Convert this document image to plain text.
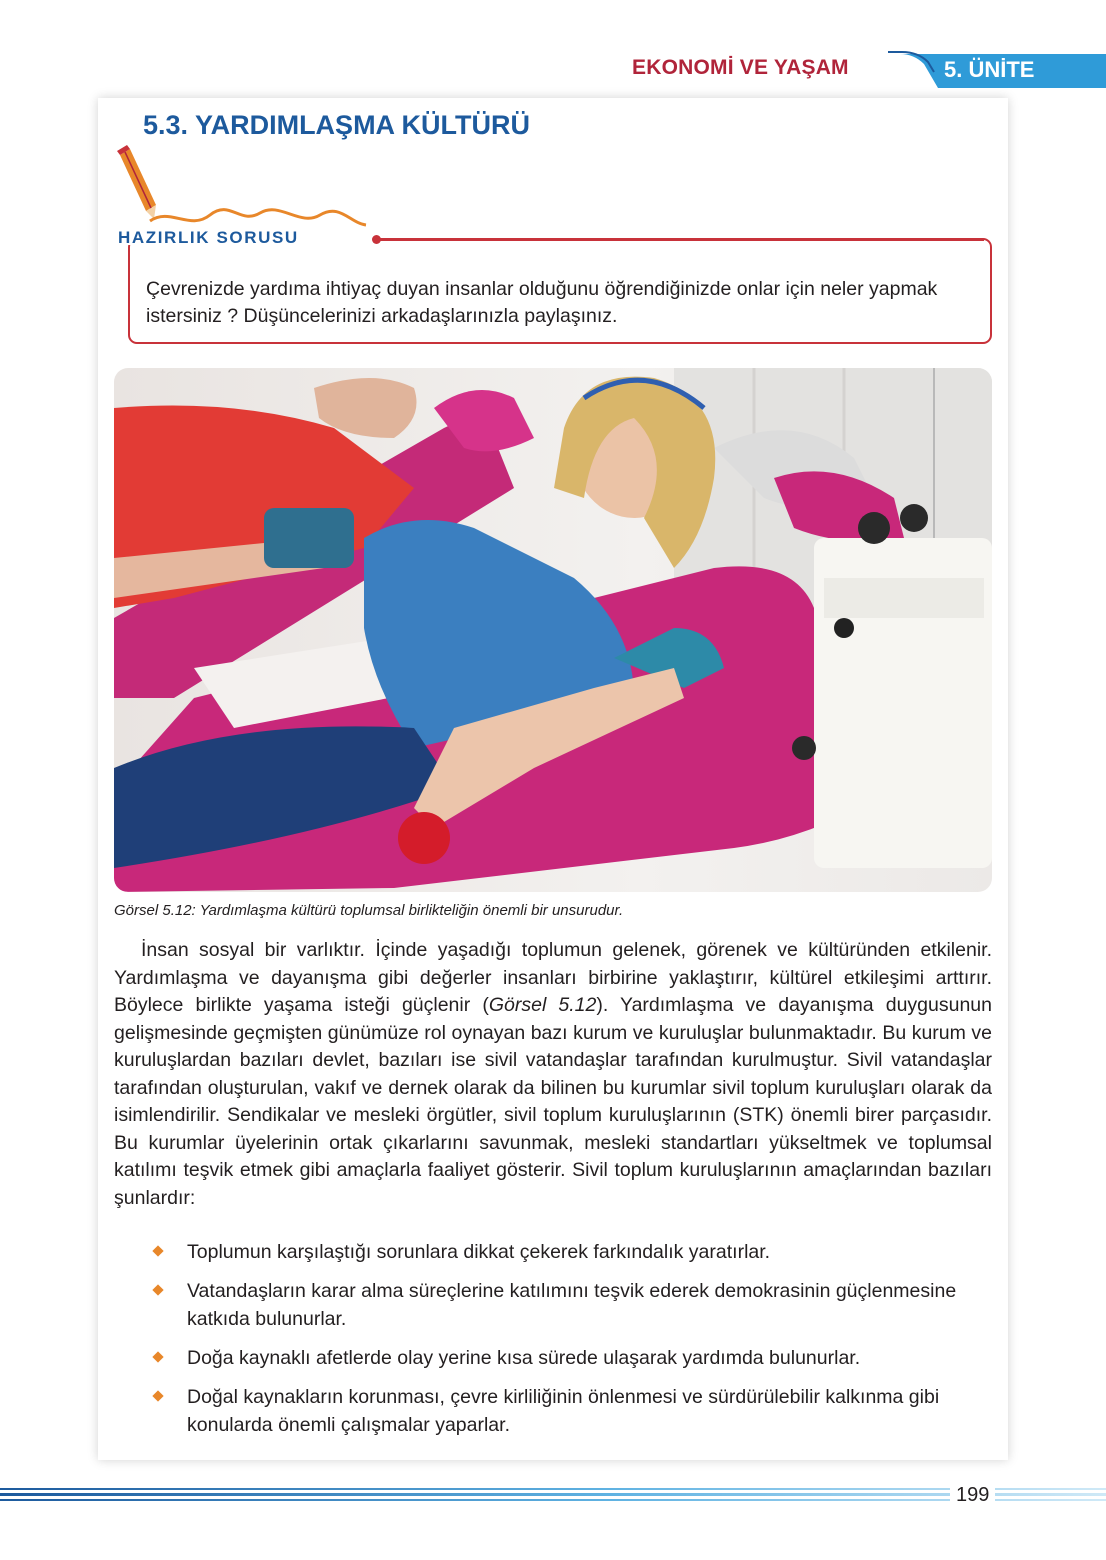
EKONOMİ VE YAŞAM	5. ÜNİTE
5.3. YARDIMLAŞMA KÜLTÜRÜ
HAZIRLIK SORUSU
Çevrenizde yardıma ihtiyaç duyan insanlar olduğunu öğrendiğinizde onlar için neler yapmak istersiniz ? Düşüncelerinizi arkadaşlarınızla paylaşınız.
Görsel 5.12: Yardımlaşma kültürü toplumsal birlikteliğin önemli bir unsurudur.

İnsan sosyal bir varlıktır. İçinde yaşadığı toplumun gelenek, görenek ve kültüründen etkilenir. Yardımlaşma ve dayanışma gibi değerler insanları birbirine yaklaştırır, kültürel etkileşimi arttırır. Böylece birlikte yaşama isteği güçlenir (Görsel 5.12). Yardımlaşma ve dayanışma duygusunun gelişmesinde geçmişten günümüze rol oynayan bazı kurum ve kuruluşlar bulunmaktadır. Bu kurum ve kuruluşlardan bazıları devlet, bazıları ise sivil vatandaşlar tarafından kurulmuştur. Sivil vatandaşlar tarafından oluşturulan, vakıf ve dernek olarak da bilinen bu kurumlar sivil toplum kuruluşları olarak da isimlendirilir. Sendikalar ve mesleki örgütler, sivil toplum kuruluşlarının (STK) önemli birer parçasıdır. Bu kurumlar üyelerinin ortak çıkarlarını savunmak, mesleki standartları yükseltmek ve toplumsal katılımı teşvik etmek gibi amaçlarla faaliyet gösterir. Sivil toplum kuruluşlarının amaçlarından bazıları şunlardır:

Toplumun karşılaştığı sorunlara dikkat çekerek farkındalık yaratırlar.
Vatandaşların karar alma süreçlerine katılımını teşvik ederek demokrasinin güçlenmesine katkıda bulunurlar.
Doğa kaynaklı afetlerde olay yerine kısa sürede ulaşarak yardımda bulunurlar.
Doğal kaynakların korunması, çevre kirliliğinin önlenmesi ve sürdürülebilir kalkınma gibi konularda önemli çalışmalar yaparlar.
199
